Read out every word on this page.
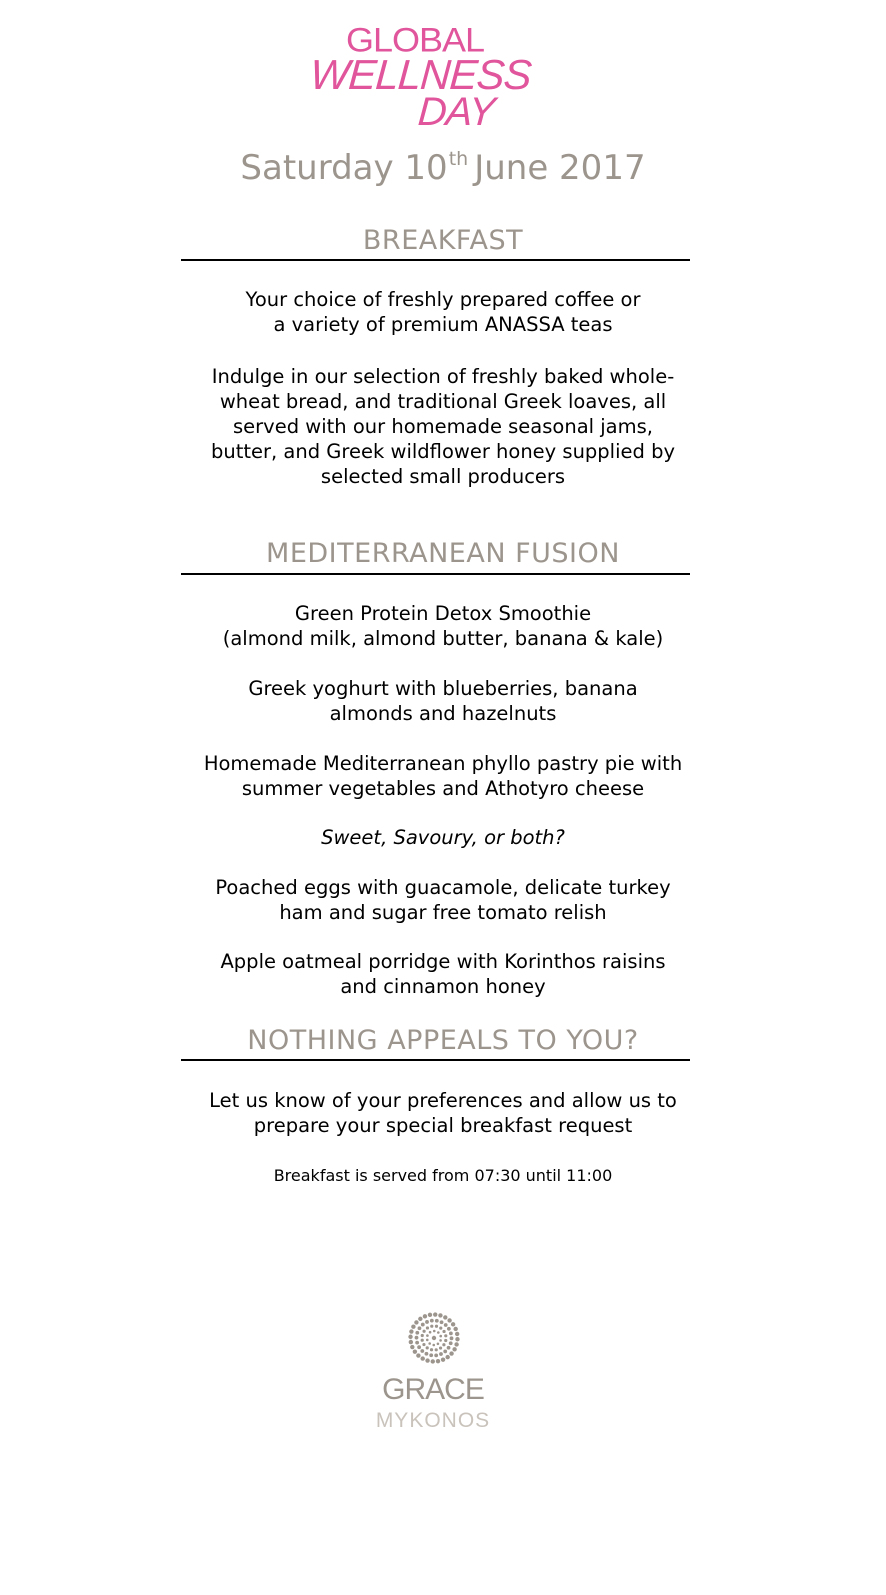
GLOBAL
WELLNESS
DAY
Saturday 10th June 2017
BREAKFAST
Your choice of freshly prepared coffee or
a variety of premium ANASSA teas
Indulge in our selection of freshly baked whole-
wheat bread, and traditional Greek loaves, all
served with our homemade seasonal jams,
butter, and Greek wildflower honey supplied by
selected small producers
MEDITERRANEAN FUSION
Green Protein Detox Smoothie
(almond milk, almond butter, banana & kale)
Greek yoghurt with blueberries, banana
almonds and hazelnuts
Homemade Mediterranean phyllo pastry pie with
summer vegetables and Athotyro cheese
Sweet, Savoury, or both?
Poached eggs with guacamole, delicate turkey
ham and sugar free tomato relish
Apple oatmeal porridge with Korinthos raisins
and cinnamon honey
NOTHING APPEALS TO YOU?
Let us know of your preferences and allow us to
prepare your special breakfast request
Breakfast is served from 07:30 until 11:00
GRACE
MYKONOS
